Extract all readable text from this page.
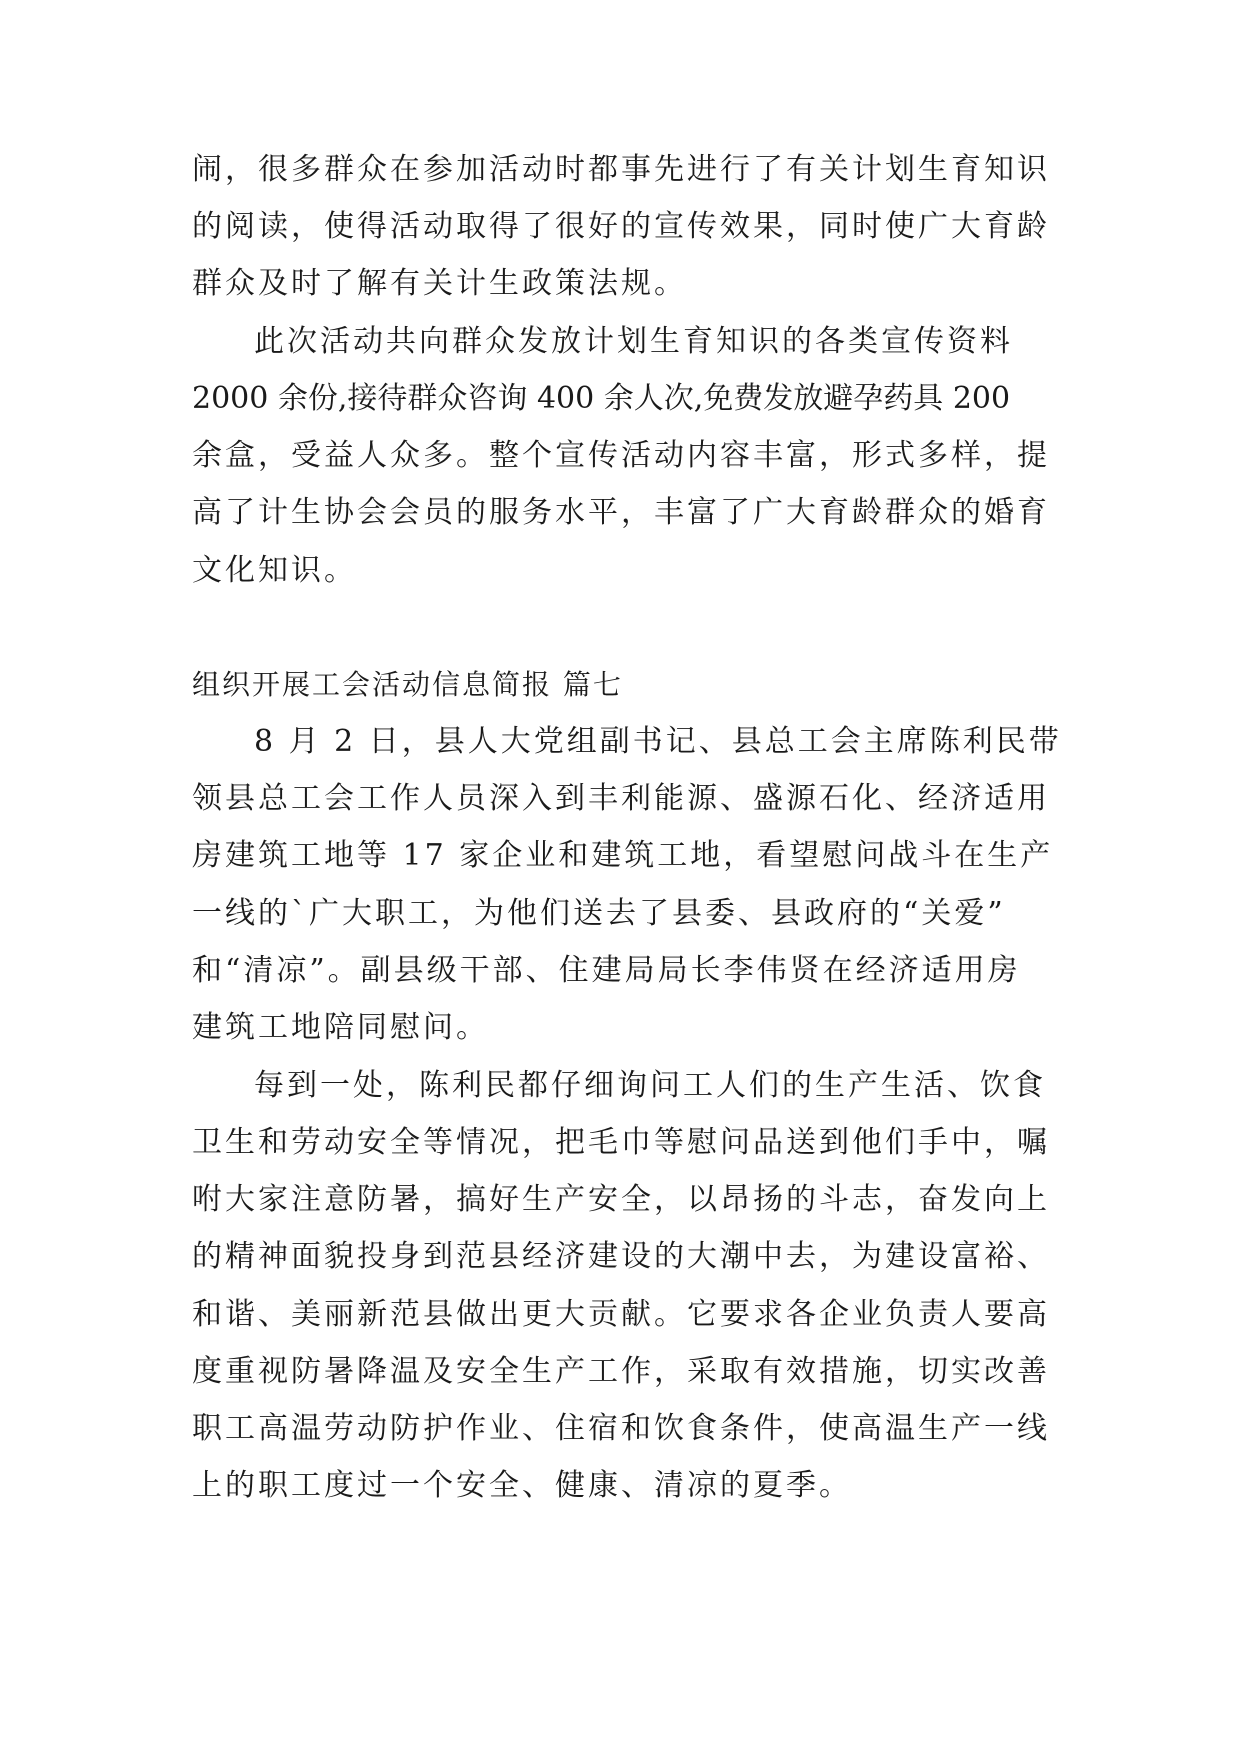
闹，很多群众在参加活动时都事先进行了有关计划生育知识
的阅读，使得活动取得了很好的宣传效果，同时使广大育龄
群众及时了解有关计生政策法规。
此次活动共向群众发放计划生育知识的各类宣传资料
2000 余份,接待群众咨询 400 余人次,免费发放避孕药具 200
余盒，受益人众多。整个宣传活动内容丰富，形式多样，提
高了计生协会会员的服务水平，丰富了广大育龄群众的婚育
文化知识。
组织开展工会活动信息简报 篇七
8 月 2 日，县人大党组副书记、县总工会主席陈利民带
领县总工会工作人员深入到丰利能源、盛源石化、经济适用
房建筑工地等 17 家企业和建筑工地，看望慰问战斗在生产
一线的`广大职工，为他们送去了县委、县政府的“关爱”
和“清凉”。副县级干部、住建局局长李伟贤在经济适用房
建筑工地陪同慰问。
每到一处，陈利民都仔细询问工人们的生产生活、饮食
卫生和劳动安全等情况，把毛巾等慰问品送到他们手中，嘱
咐大家注意防暑，搞好生产安全，以昂扬的斗志，奋发向上
的精神面貌投身到范县经济建设的大潮中去，为建设富裕、
和谐、美丽新范县做出更大贡献。它要求各企业负责人要高
度重视防暑降温及安全生产工作，采取有效措施，切实改善
职工高温劳动防护作业、住宿和饮食条件，使高温生产一线
上的职工度过一个安全、健康、清凉的夏季。
